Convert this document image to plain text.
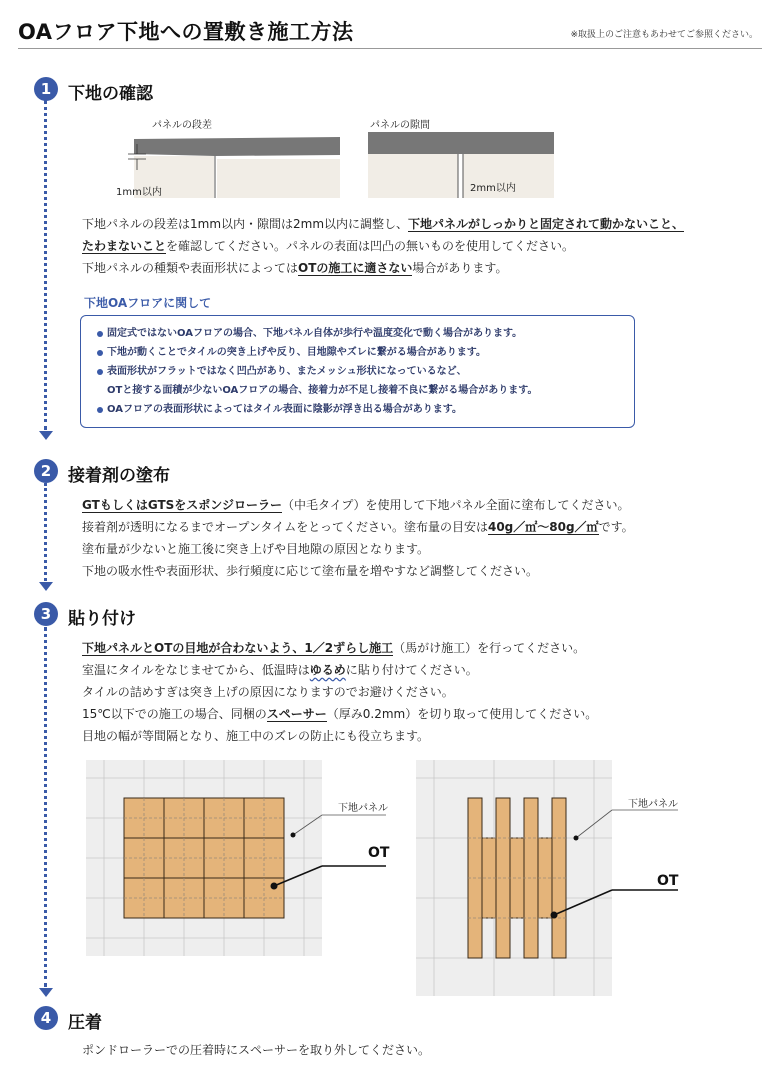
OAフロア下地への置敷き施工方法	※取扱上のご注意もあわせてご参照ください。
1 下地の確認
パネルの段差
1mm以内
パネルの隙間
2mm以内

下地パネルの段差は1mm以内・隙間は2mm以内に調整し、下地パネルがしっかりと固定されて動かないこと、

たわまないことを確認してください。パネルの表面は凹凸の無いものを使用してください。

下地パネルの種類や表面形状によってはOTの施工に適さない場合があります。

下地OAフロアに関して
固定式ではないOAフロアの場合、下地パネル自体が歩行や温度変化で動く場合があります。
下地が動くことでタイルの突き上げや反り、目地隙やズレに繋がる場合があります。
表面形状がフラットではなく凹凸があり、またメッシュ形状になっているなど、
OTと接する面積が少ないOAフロアの場合、接着力が不足し接着不良に繋がる場合があります。
OAフロアの表面形状によってはタイル表面に陰影が浮き出る場合があります。
2 接着剤の塗布

GTもしくはGTSをスポンジローラー（中毛タイプ）を使用して下地パネル全面に塗布してください。

接着剤が透明になるまでオープンタイムをとってください。塗布量の目安は40g／㎡〜80g／㎡です。

塗布量が少ないと施工後に突き上げや目地隙の原因となります。

下地の吸水性や表面形状、歩行頻度に応じて塗布量を増やすなど調整してください。

3 貼り付け

下地パネルとOTの目地が合わないよう、1／2ずらし施工（馬がけ施工）を行ってください。

室温にタイルをなじませてから、低温時はゆるめに貼り付けてください。

タイルの詰めすぎは突き上げの原因になりますのでお避けください。

15℃以下での施工の場合、同梱のスペーサー（厚み0.2mm）を切り取って使用してください。

目地の幅が等間隔となり、施工中のズレの防止にも役立ちます。

下地パネル
OT
下地パネル
OT
4 圧着

ポンドローラーでの圧着時にスペーサーを取り外してください。
